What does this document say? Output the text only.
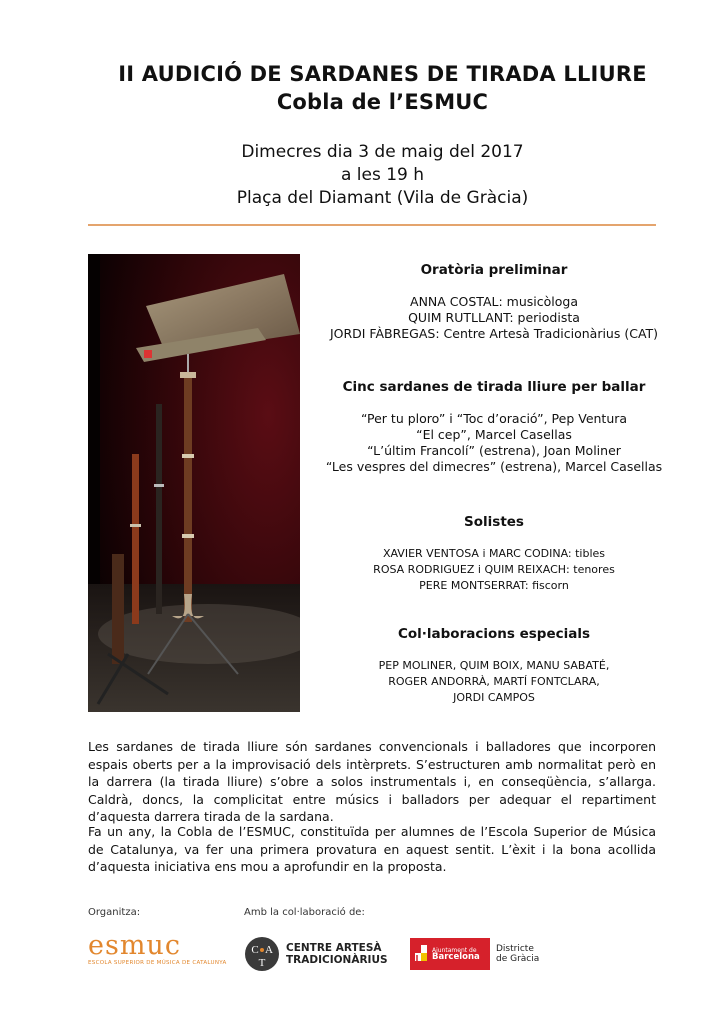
II AUDICIÓ DE SARDANES DE TIRADA LLIURE
Cobla de l’ESMUC
Dimecres dia 3 de maig del 2017
a les 19 h
Plaça del Diamant (Vila de Gràcia)
Oratòria preliminar

ANNA COSTAL: musicòloga

QUIM RUTLLANT: periodista

JORDI FÀBREGAS: Centre Artesà Tradicionàrius (CAT)

Cinc sardanes de tirada lliure per ballar

“Per tu ploro” i “Toc d’oració”, Pep Ventura

“El cep”, Marcel Casellas

“L’últim Francolí” (estrena), Joan Moliner

“Les vespres del dimecres” (estrena), Marcel Casellas

Solistes

XAVIER VENTOSA i MARC CODINA: tibles

ROSA RODRIGUEZ i QUIM REIXACH: tenores

PERE MONTSERRAT: fiscorn

Col·laboracions especials

PEP MOLINER, QUIM BOIX, MANU SABATÉ,

ROGER ANDORRÀ, MARTÍ FONTCLARA,

JORDI CAMPOS

Les sardanes de tirada lliure són sardanes convencionals i balladores que incorporen espais oberts per a la improvisació dels intèrprets. S’estructuren amb normalitat però en la darrera (la tirada lliure) s’obre a solos instrumentals i, en conseqüència, s’allarga. Caldrà, doncs, la complicitat entre músics i balladors per adequar el repartiment d’aquesta darrera tirada de la sardana.
Fa un any, la Cobla de l’ESMUC, constituïda per alumnes de l’Escola Superior de Música de Catalunya, va fer una primera provatura en aquest sentit. L’èxit i la bona acollida d’aquesta iniciativa ens mou a aprofundir en la proposta.
Organitza:	Amb la col·laboració de:
esmuc
ESCOLA SUPERIOR DE MÚSICA DE CATALUNYA
C A
T
CENTRE ARTESÀ
TRADICIONÀRIUS
Ajuntament de
Barcelona
Districte
de Gràcia
